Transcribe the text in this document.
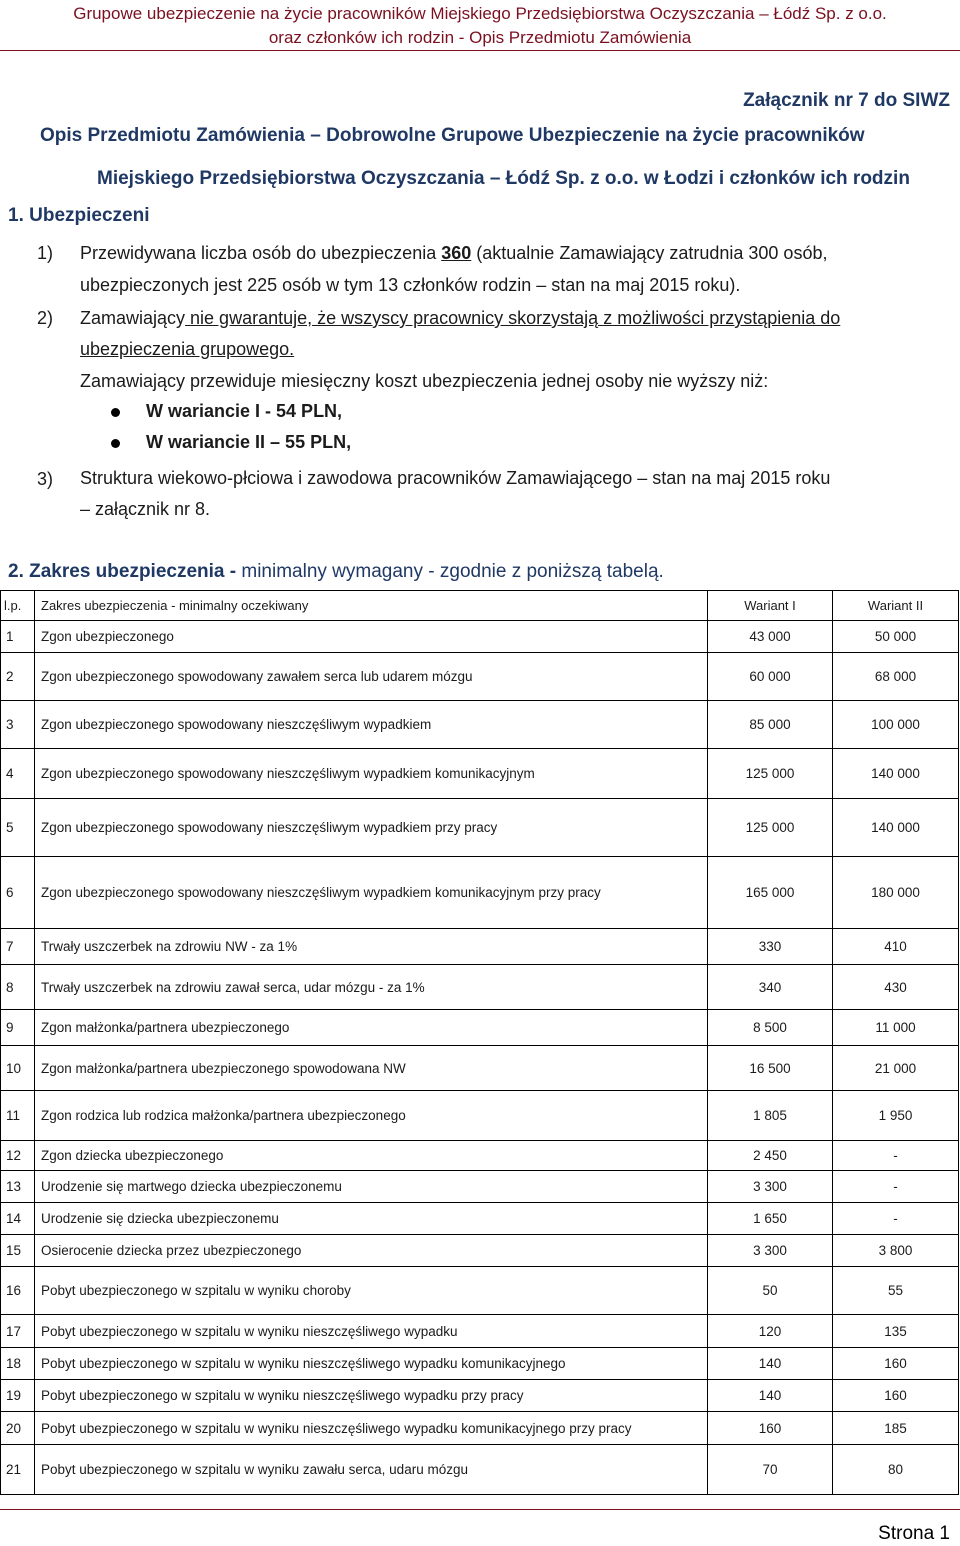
Grupowe ubezpieczenie na życie pracowników Miejskiego Przedsiębiorstwa Oczyszczania – Łódź Sp. z o.o.
oraz członków ich rodzin - Opis Przedmiotu Zamówienia
Załącznik nr 7 do SIWZ
Opis Przedmiotu Zamówienia – Dobrowolne Grupowe Ubezpieczenie na życie pracowników
Miejskiego Przedsiębiorstwa Oczyszczania – Łódź Sp. z o.o. w Łodzi i członków ich rodzin
1. Ubezpieczeni
1) Przewidywana liczba osób do ubezpieczenia 360 (aktualnie Zamawiający zatrudnia 300 osób,
ubezpieczonych jest 225 osób w tym 13 członków rodzin – stan na maj 2015 roku).
2) Zamawiający nie gwarantuje, że wszyscy pracownicy skorzystają z możliwości przystąpienia do
ubezpieczenia grupowego.
Zamawiający przewiduje miesięczny koszt ubezpieczenia jednej osoby nie wyższy niż:
W wariancie I - 54 PLN,
W wariancie II – 55 PLN,
3) Struktura wiekowo-płciowa i zawodowa pracowników Zamawiającego – stan na maj 2015 roku
– załącznik nr 8.
2. Zakres ubezpieczenia - minimalny wymagany - zgodnie z poniższą tabelą.
l.p.	Zakres ubezpieczenia - minimalny oczekiwany	Wariant I	Wariant II
1	Zgon ubezpieczonego	43 000	50 000
2	Zgon ubezpieczonego spowodowany zawałem serca lub udarem mózgu	60 000	68 000
3	Zgon ubezpieczonego spowodowany nieszczęśliwym wypadkiem	85 000	100 000
4	Zgon ubezpieczonego spowodowany nieszczęśliwym wypadkiem komunikacyjnym	125 000	140 000
5	Zgon ubezpieczonego spowodowany nieszczęśliwym wypadkiem przy pracy	125 000	140 000
6	Zgon ubezpieczonego spowodowany nieszczęśliwym wypadkiem komunikacyjnym przy pracy	165 000	180 000
7	Trwały uszczerbek na zdrowiu NW - za 1%	330	410
8	Trwały uszczerbek na zdrowiu zawał serca, udar mózgu - za 1%	340	430
9	Zgon małżonka/partnera ubezpieczonego	8 500	11 000
10	Zgon małżonka/partnera ubezpieczonego spowodowana NW	16 500	21 000
11	Zgon rodzica lub rodzica małżonka/partnera ubezpieczonego	1 805	1 950
12	Zgon dziecka ubezpieczonego	2 450	-
13	Urodzenie się martwego dziecka ubezpieczonemu	3 300	-
14	Urodzenie się dziecka ubezpieczonemu	1 650	-
15	Osierocenie dziecka przez ubezpieczonego	3 300	3 800
16	Pobyt ubezpieczonego w szpitalu w wyniku choroby	50	55
17	Pobyt ubezpieczonego w szpitalu w wyniku nieszczęśliwego wypadku	120	135
18	Pobyt ubezpieczonego w szpitalu w wyniku nieszczęśliwego wypadku komunikacyjnego	140	160
19	Pobyt ubezpieczonego w szpitalu w wyniku nieszczęśliwego wypadku przy pracy	140	160
20	Pobyt ubezpieczonego w szpitalu w wyniku nieszczęśliwego wypadku komunikacyjnego przy pracy	160	185
21	Pobyt ubezpieczonego w szpitalu w wyniku zawału serca, udaru mózgu	70	80
Strona 1
